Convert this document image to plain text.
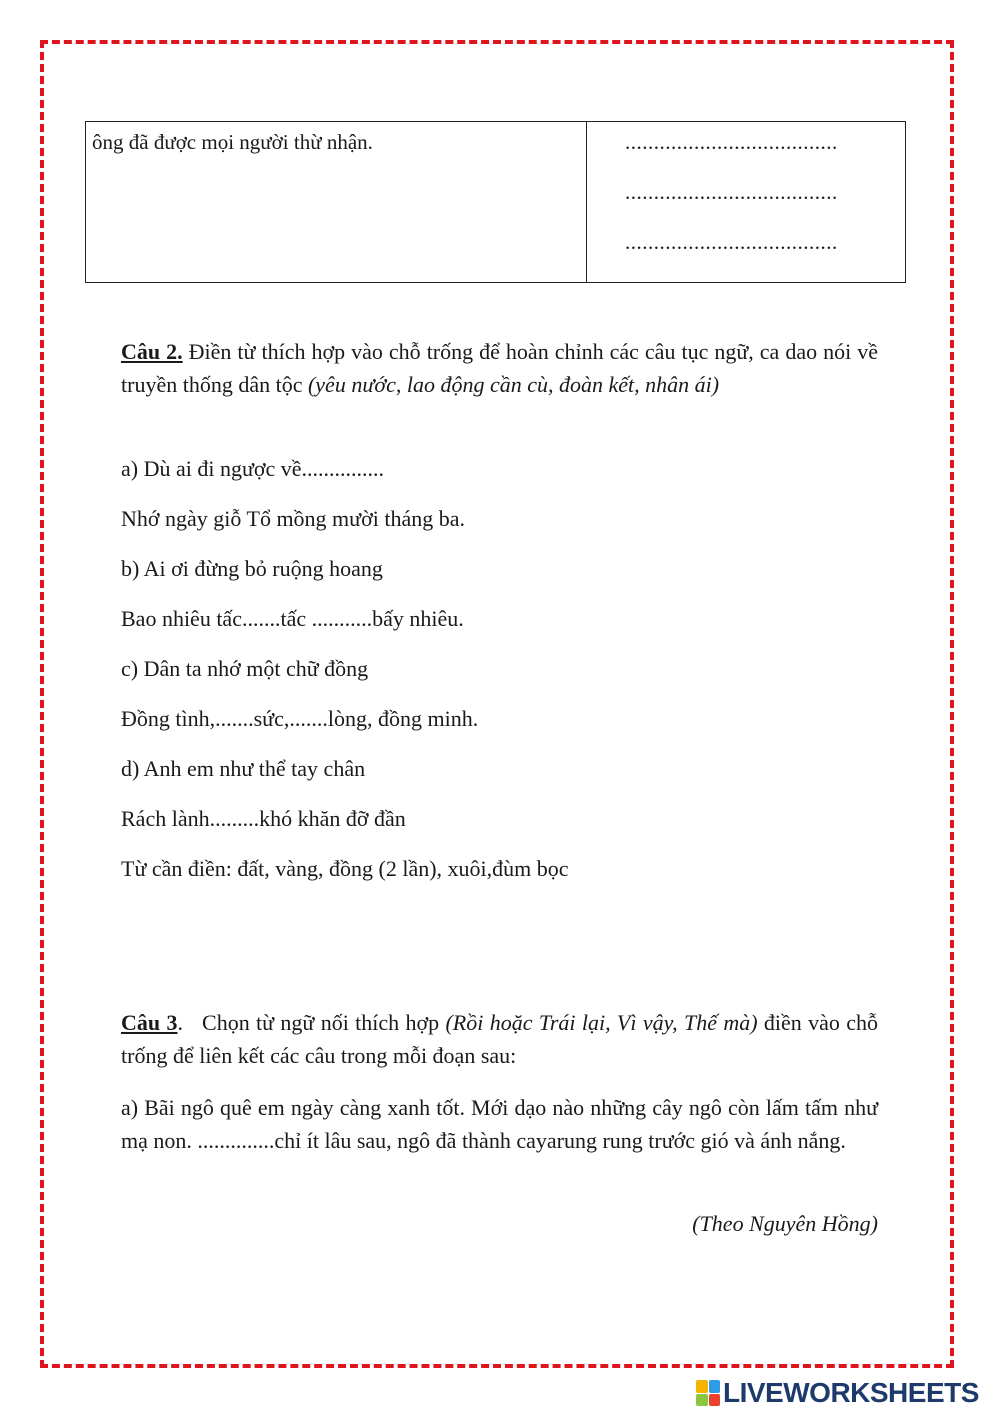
ông đã được mọi người thừ nhận.	.....................................
.....................................
.....................................
Câu 2. Điền từ thích hợp vào chỗ trống để hoàn chỉnh các câu tục ngữ, ca dao nói về truyền thống dân tộc (yêu nước, lao động cần cù, đoàn kết, nhân ái)
a) Dù ai đi ngược về...............
Nhớ ngày giỗ Tổ mồng mười tháng ba.
b) Ai ơi đừng bỏ ruộng hoang
Bao nhiêu tấc.......tấc ...........bấy nhiêu.
c) Dân ta nhớ một chữ đồng
Đồng tình,.......sức,.......lòng, đồng minh.
d) Anh em như thể tay chân
Rách lành.........khó khăn đỡ đần
Từ cần điền: đất, vàng, đồng (2 lần), xuôi,đùm bọc
Câu 3.   Chọn từ ngữ nối thích hợp (Rồi hoặc Trái lại, Vì vậy, Thế mà) điền vào chỗ trống để liên kết các câu trong mỗi đoạn sau:
a) Bãi ngô quê em ngày càng xanh tốt. Mới dạo nào những cây ngô còn lấm tấm như mạ non. ..............chỉ ít lâu sau, ngô đã thành cayarung rung trước gió và ánh nắng.
(Theo Nguyên Hồng)
LIVEWORKSHEETS
